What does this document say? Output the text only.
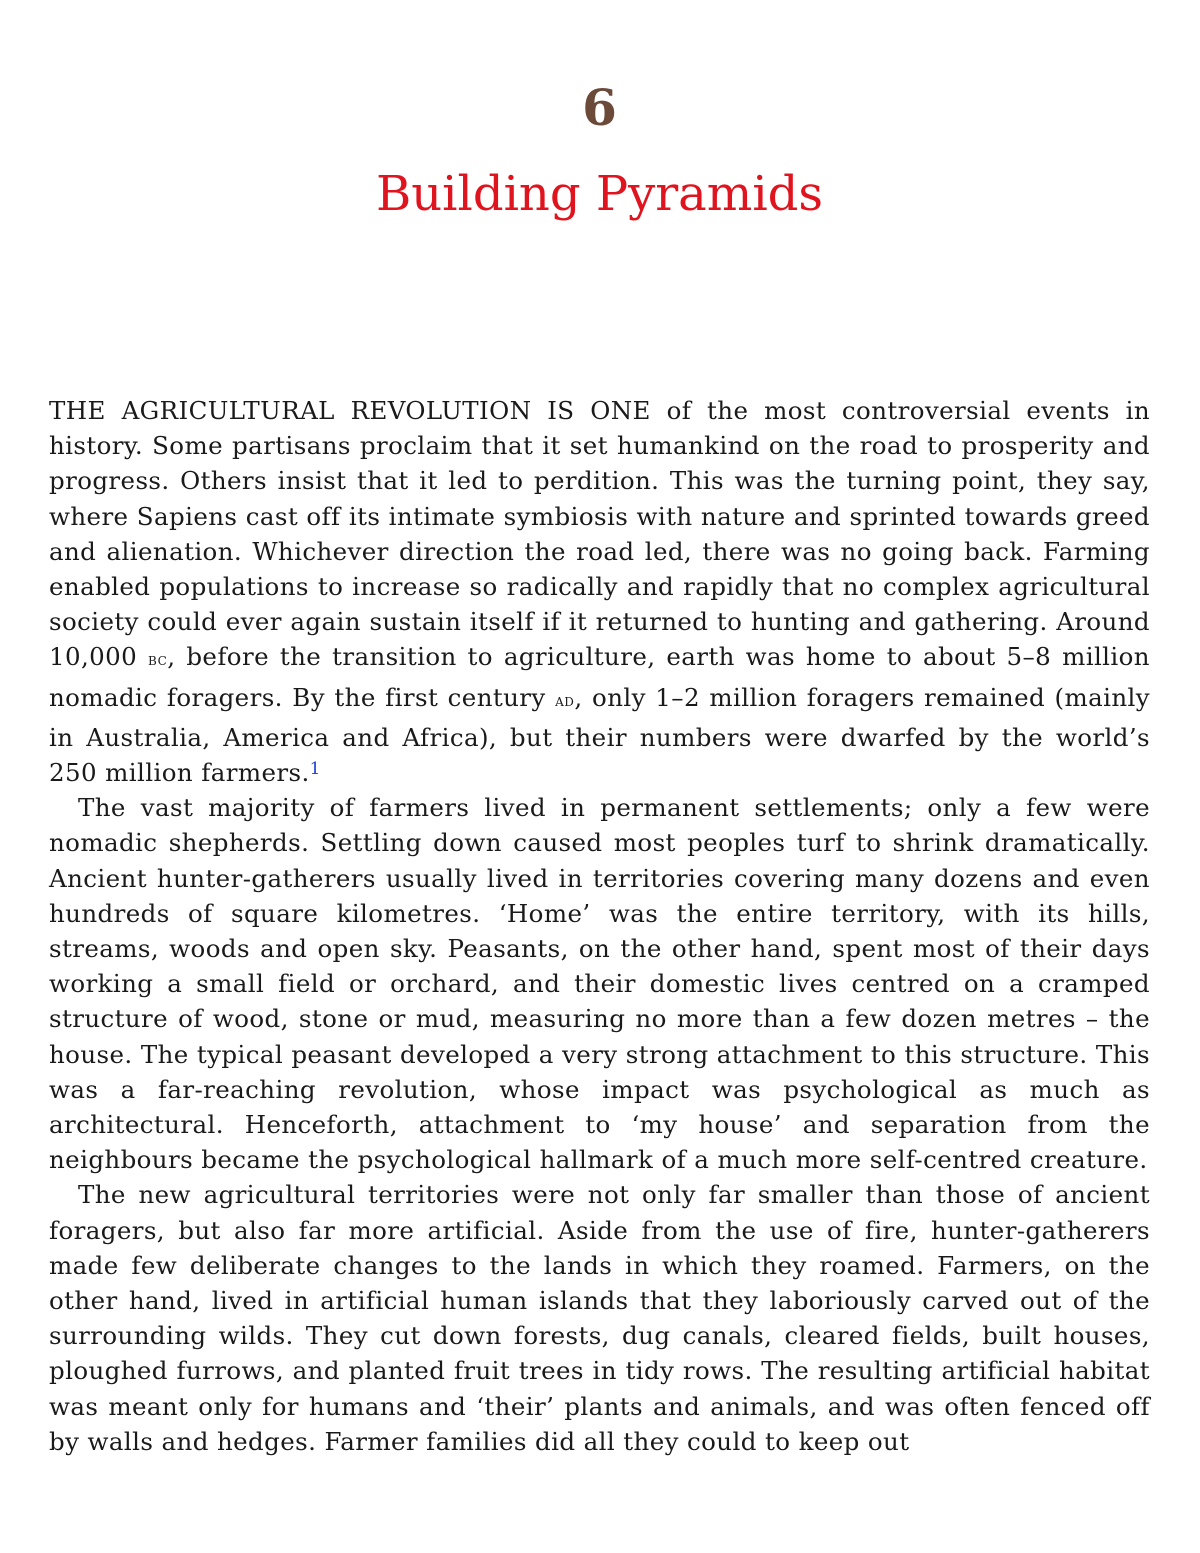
6
Building Pyramids

THE AGRICULTURAL REVOLUTION IS ONE of the most controversial events in history. Some partisans proclaim that it set humankind on the road to prosperity and progress. Others insist that it led to perdition. This was the turning point, they say, where Sapiens cast off its intimate symbiosis with nature and sprinted towards greed and alienation. Whichever direction the road led, there was no going back. Farming enabled populations to increase so radically and rapidly that no complex agricultural society could ever again sustain itself if it returned to hunting and gathering. Around 10,000 BC, before the transition to agriculture, earth was home to about 5–8 million nomadic foragers. By the first century AD, only 1–2 million foragers remained (mainly in Australia, America and Africa), but their numbers were dwarfed by the world’s 250 million farmers.$^1$

The vast majority of farmers lived in permanent settlements; only a few were nomadic shepherds. Settling down caused most peoples turf to shrink dramatically. Ancient hunter-gatherers usually lived in territories covering many dozens and even hundreds of square kilometres. ‘Home’ was the entire territory, with its hills, streams, woods and open sky. Peasants, on the other hand, spent most of their days working a small field or orchard, and their domestic lives centred on a cramped structure of wood, stone or mud, measuring no more than a few dozen metres – the house. The typical peasant developed a very strong attachment to this structure. This was a far-reaching revolution, whose impact was psychological as much as architectural. Henceforth, attachment to ‘my house’ and separation from the neighbours became the psychological hallmark of a much more self-centred creature.

The new agricultural territories were not only far smaller than those of ancient foragers, but also far more artificial. Aside from the use of fire, hunter-gatherers made few deliberate changes to the lands in which they roamed. Farmers, on the other hand, lived in artificial human islands that they laboriously carved out of the surrounding wilds. They cut down forests, dug canals, cleared fields, built houses, ploughed furrows, and planted fruit trees in tidy rows. The resulting artificial habitat was meant only for humans and ‘their’ plants and animals, and was often fenced off by walls and hedges. Farmer families did all they could to keep out
